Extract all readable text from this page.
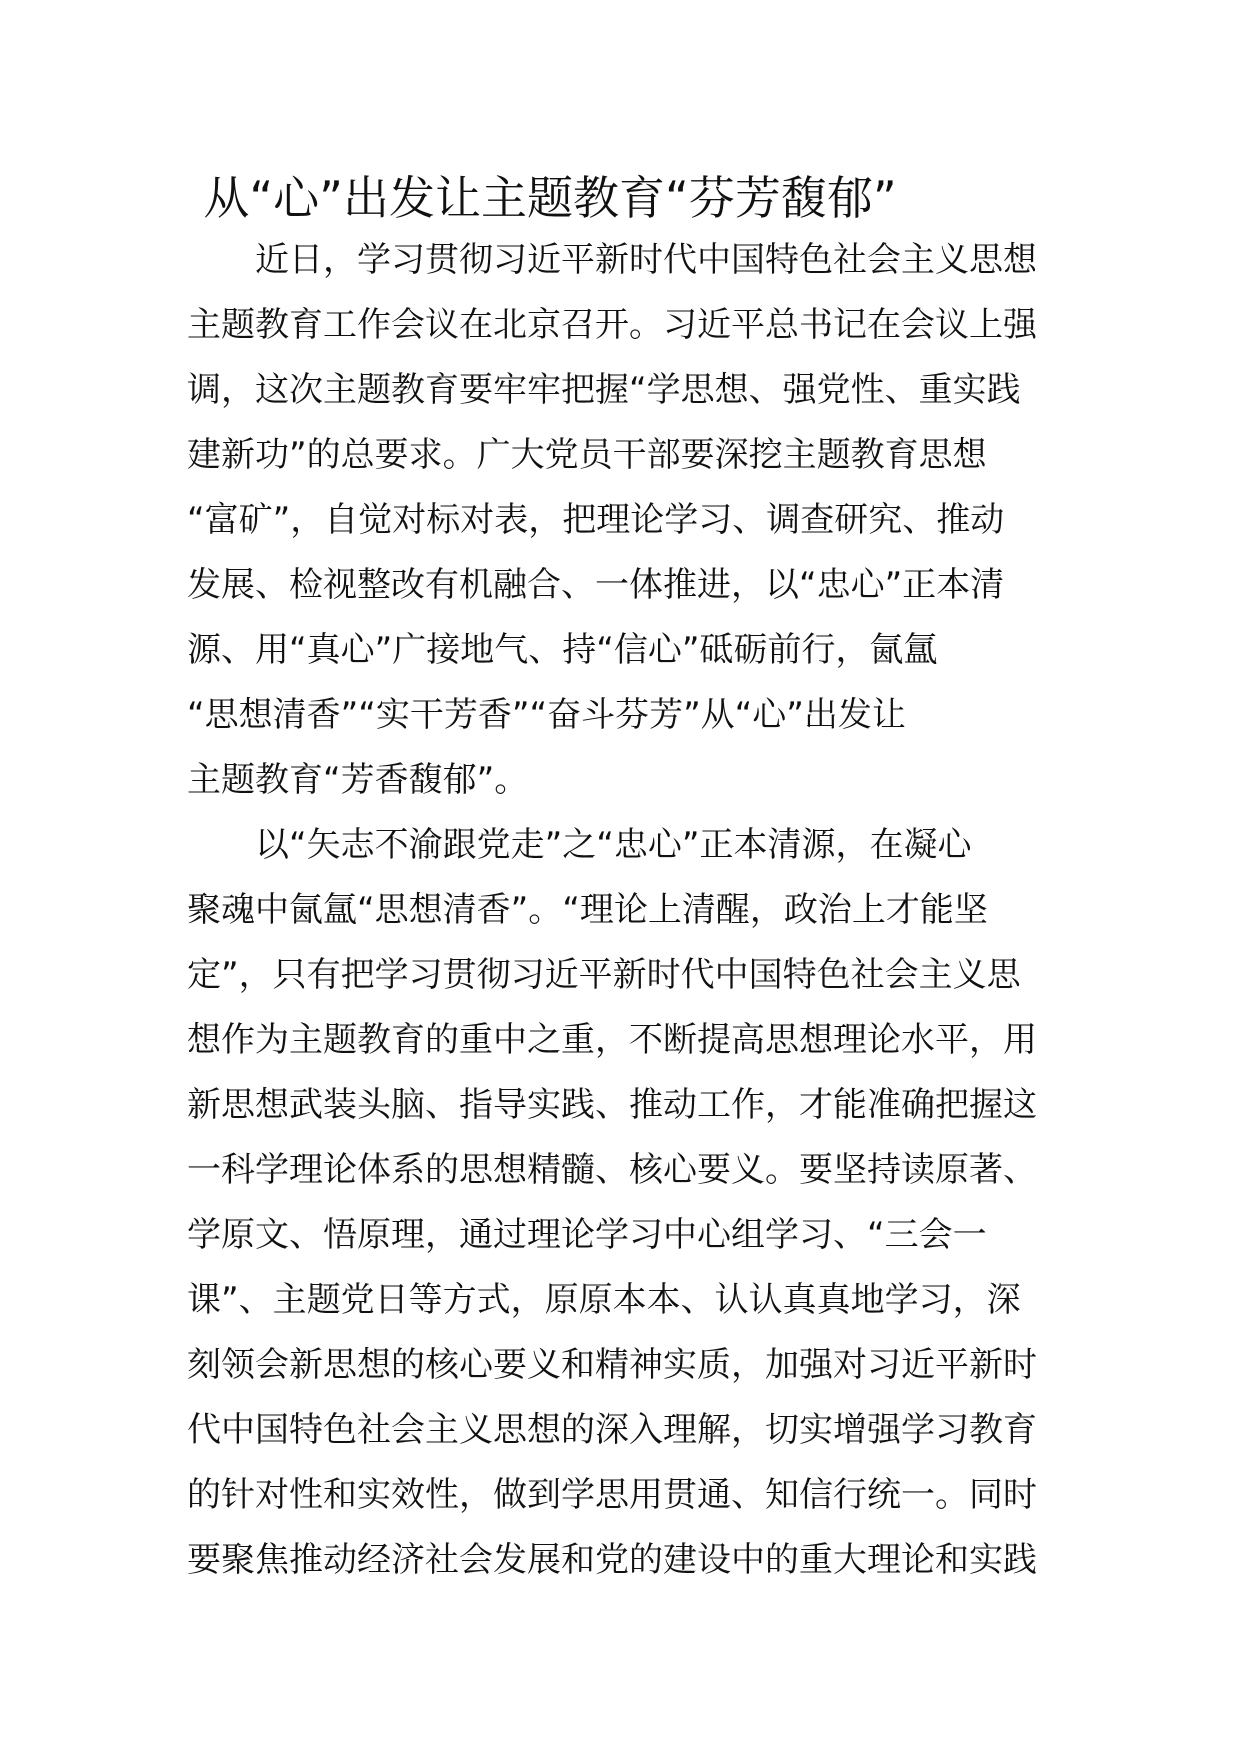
从“心”出发让主题教育“芬芳馥郁”
近日，学习贯彻习近平新时代中国特色社会主义思想
主题教育工作会议在北京召开。习近平总书记在会议上强
调，这次主题教育要牢牢把握“学思想、强党性、重实践
建新功”的总要求。广大党员干部要深挖主题教育思想
“富矿”，自觉对标对表，把理论学习、调查研究、推动
发展、检视整改有机融合、一体推进，以“忠心”正本清
源、用“真心”广接地气、持“信心”砥砺前行，氤氲
“思想清香”“实干芳香”“奋斗芬芳”从“心”出发让
主题教育“芳香馥郁”。
以“矢志不渝跟党走”之“忠心”正本清源，在凝心
聚魂中氤氲“思想清香”。“理论上清醒，政治上才能坚
定”，只有把学习贯彻习近平新时代中国特色社会主义思
想作为主题教育的重中之重，不断提高思想理论水平，用
新思想武装头脑、指导实践、推动工作，才能准确把握这
一科学理论体系的思想精髓、核心要义。要坚持读原著、
学原文、悟原理，通过理论学习中心组学习、“三会一
课”、主题党日等方式，原原本本、认认真真地学习，深
刻领会新思想的核心要义和精神实质，加强对习近平新时
代中国特色社会主义思想的深入理解，切实增强学习教育
的针对性和实效性，做到学思用贯通、知信行统一。同时
要聚焦推动经济社会发展和党的建设中的重大理论和实践
